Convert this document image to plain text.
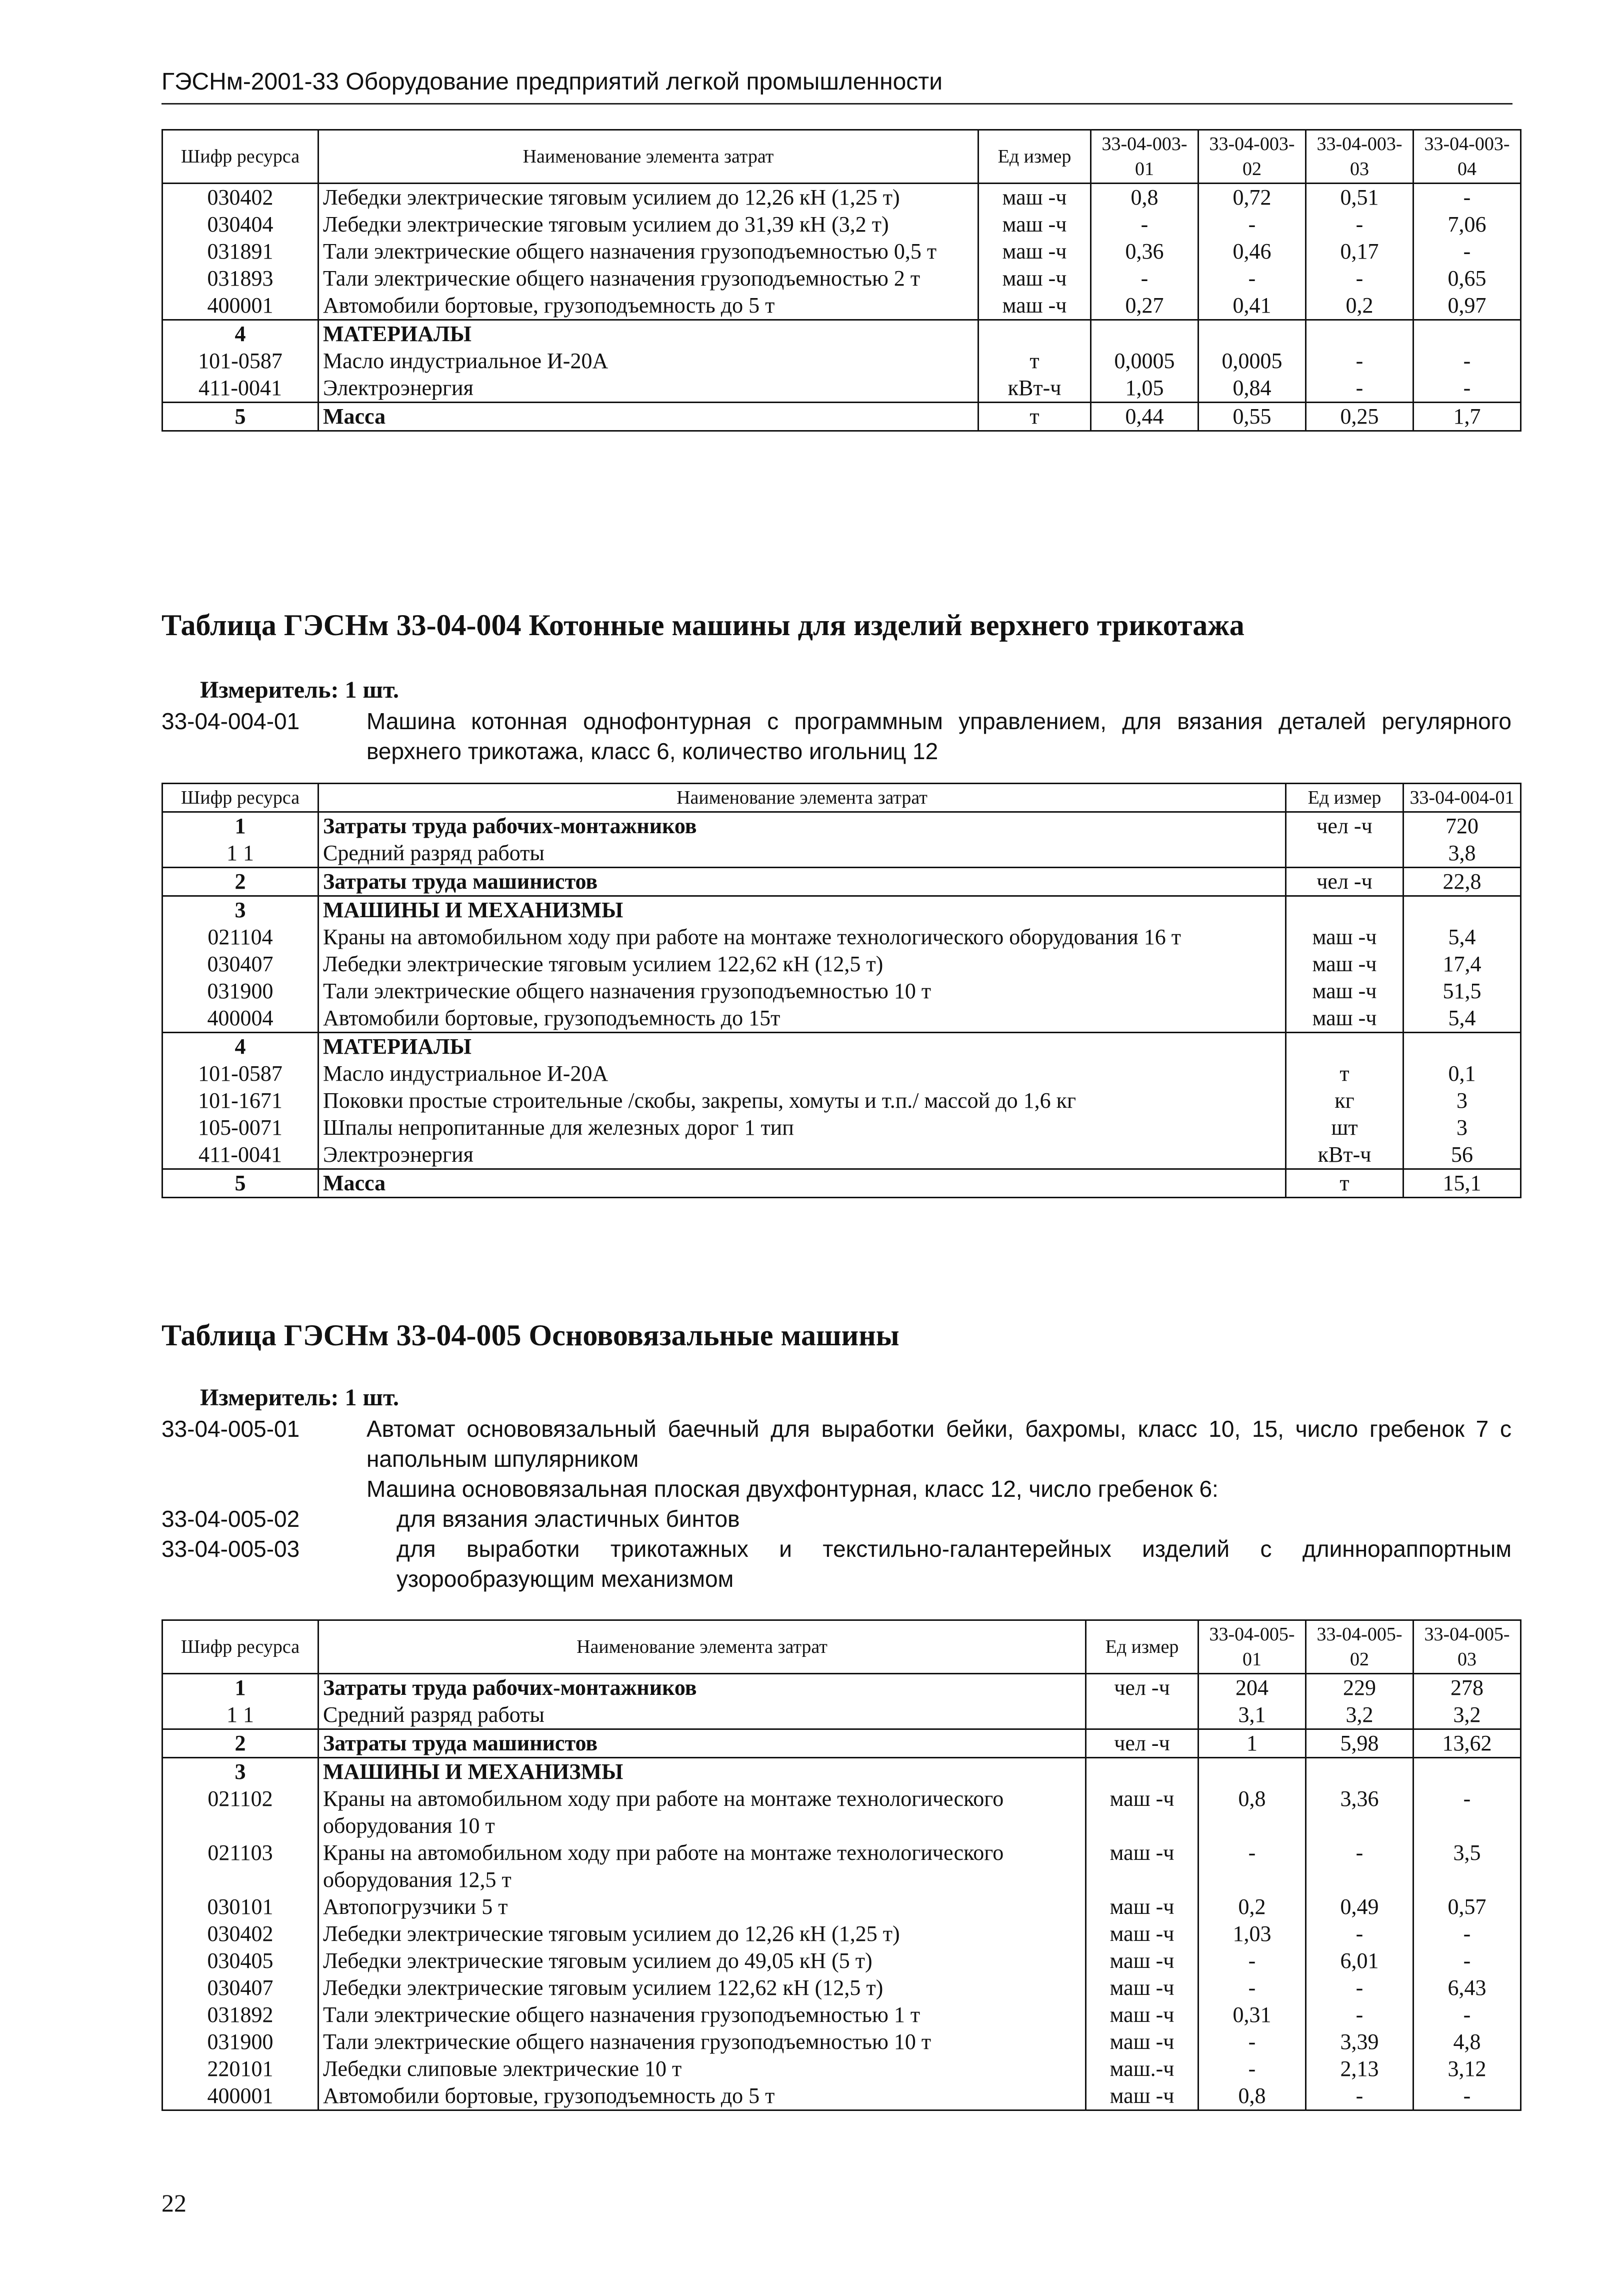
ГЭСНм-2001-33 Оборудование предприятий легкой промышленности
Шифр ресурса	Наименование элемента затрат	Ед измер	33-04-003-01	33-04-003-02	33-04-003-03	33-04-003-04
030402	Лебедки электрические тяговым усилием до 12,26 кН (1,25 т)	маш -ч	0,8	0,72	0,51	-
030404	Лебедки электрические тяговым усилием до 31,39 кН (3,2 т)	маш -ч	-	-	-	7,06
031891	Тали электрические общего назначения грузоподъемностью 0,5 т	маш -ч	0,36	0,46	0,17	-
031893	Тали электрические общего назначения грузоподъемностью 2 т	маш -ч	-	-	-	0,65
400001	Автомобили бортовые, грузоподъемность до 5 т	маш -ч	0,27	0,41	0,2	0,97
4	МАТЕРИАЛЫ					
101-0587	Масло индустриальное И-20А	т	0,0005	0,0005	-	-
411-0041	Электроэнергия	кВт-ч	1,05	0,84	-	-
5	Масса	т	0,44	0,55	0,25	1,7
Таблица ГЭСНм 33-04-004 Котонные машины для изделий верхнего трикотажа
Измеритель: 1 шт.
33-04-004-01	Машина котонная однофонтурная с программным управлением, для вязания деталей регулярного верхнего трикотажа, класс 6, количество игольниц 12
Шифр ресурса	Наименование элемента затрат	Ед измер	33-04-004-01
1	Затраты труда рабочих-монтажников	чел -ч	720
1 1	Средний разряд работы		3,8
2	Затраты труда машинистов	чел -ч	22,8
3	МАШИНЫ И МЕХАНИЗМЫ		
021104	Краны на автомобильном ходу при работе на монтаже технологического оборудования 16 т	маш -ч	5,4
030407	Лебедки электрические тяговым усилием 122,62 кН (12,5 т)	маш -ч	17,4
031900	Тали электрические общего назначения грузоподъемностью 10 т	маш -ч	51,5
400004	Автомобили бортовые, грузоподъемность до 15т	маш -ч	5,4
4	МАТЕРИАЛЫ		
101-0587	Масло индустриальное И-20А	т	0,1
101-1671	Поковки простые строительные /скобы, закрепы, хомуты и т.п./ массой до 1,6 кг	кг	3
105-0071	Шпалы непропитанные для железных дорог 1 тип	шт	3
411-0041	Электроэнергия	кВт-ч	56
5	Масса	т	15,1
Таблица ГЭСНм 33-04-005 Основовязальные машины
Измеритель: 1 шт.
33-04-005-01	Автомат основовязальный баечный для выработки бейки, бахромы, класс 10, 15, число гребенок 7 с напольным шпулярником
Машина основовязальная плоская двухфонтурная, класс 12, число гребенок 6:
33-04-005-02	для вязания эластичных бинтов
33-04-005-03	для выработки трикотажных и текстильно-галантерейных изделий с длиннораппортным узорообразующим механизмом
Шифр ресурса	Наименование элемента затрат	Ед измер	33-04-005-01	33-04-005-02	33-04-005-03
1	Затраты труда рабочих-монтажников	чел -ч	204	229	278
1 1	Средний разряд работы		3,1	3,2	3,2
2	Затраты труда машинистов	чел -ч	1	5,98	13,62
3	МАШИНЫ И МЕХАНИЗМЫ				
021102	Краны на автомобильном ходу при работе на монтаже технологического оборудования 10 т	маш -ч	0,8	3,36	-
021103	Краны на автомобильном ходу при работе на монтаже технологического оборудования 12,5 т	маш -ч	-	-	3,5
030101	Автопогрузчики 5 т	маш -ч	0,2	0,49	0,57
030402	Лебедки электрические тяговым усилием до 12,26 кН (1,25 т)	маш -ч	1,03	-	-
030405	Лебедки электрические тяговым усилием до 49,05 кН (5 т)	маш -ч	-	6,01	-
030407	Лебедки электрические тяговым усилием 122,62 кН (12,5 т)	маш -ч	-	-	6,43
031892	Тали электрические общего назначения грузоподъемностью 1 т	маш -ч	0,31	-	-
031900	Тали электрические общего назначения грузоподъемностью 10 т	маш -ч	-	3,39	4,8
220101	Лебедки слиповые электрические 10 т	маш.-ч	-	2,13	3,12
400001	Автомобили бортовые, грузоподъемность до 5 т	маш -ч	0,8	-	-
22
